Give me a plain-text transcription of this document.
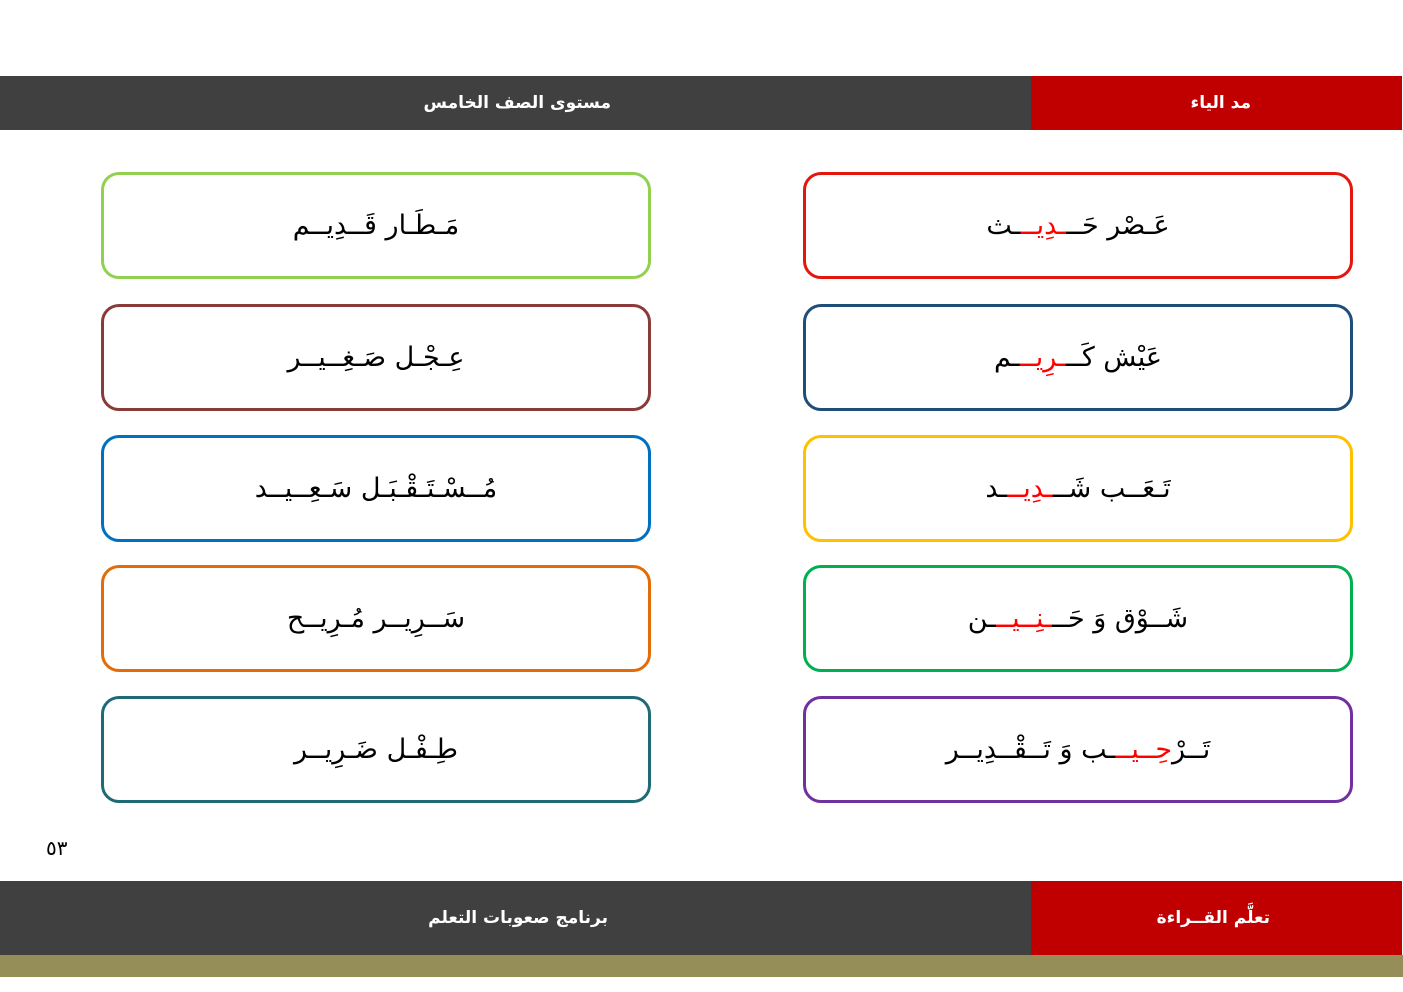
مستوى الصف الخامس	مد الياء
عَـصْر حَـــدِيـــث
عَيْش كَـــرِيـــم
تَـعَــب شَـــدِيـــد
شَــوْق وَ حَـــنِــيـــن
تَــرْحِــيـــب وَ تَــقْــدِيــر
مَـطَـار قَــدِيــم
عِـجْـل صَـغِــيــر
مُــسْـتَـقْـبَـل سَـعِــيــد
سَــرِيــر مُـرِيــح
طِـفْـل ضَـرِيــر
٥٣
برنامج صعوبات التعلم	تعلَّم القــراءة
